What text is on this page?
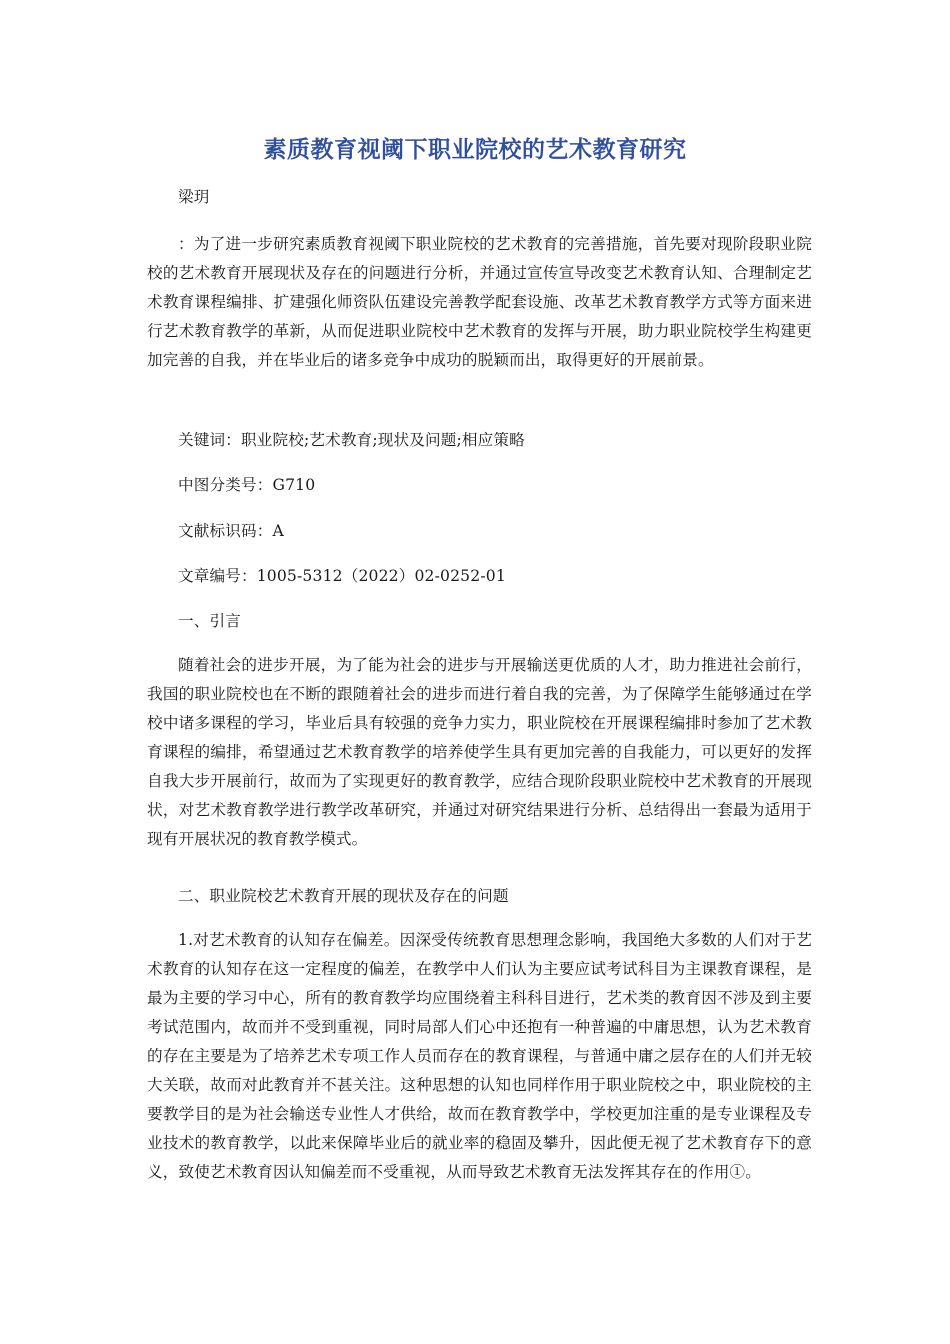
素质教育视阈下职业院校的艺术教育研究
梁玥
：为了进一步研究素质教育视阈下职业院校的艺术教育的完善措施，首先要对现阶段职业院校的艺术教育开展现状及存在的问题进行分析，并通过宣传宣导改变艺术教育认知、合理制定艺术教育课程编排、扩建强化师资队伍建设完善教学配套设施、改革艺术教育教学方式等方面来进行艺术教育教学的革新，从而促进职业院校中艺术教育的发挥与开展，助力职业院校学生构建更加完善的自我，并在毕业后的诸多竞争中成功的脱颖而出，取得更好的开展前景。
关键词：职业院校;艺术教育;现状及问题;相应策略
中图分类号：G710
文献标识码：A
文章编号：1005-5312（2022）02-0252-01
一、引言
随着社会的进步开展，为了能为社会的进步与开展输送更优质的人才，助力推进社会前行，我国的职业院校也在不断的跟随着社会的进步而进行着自我的完善，为了保障学生能够通过在学校中诸多课程的学习，毕业后具有较强的竞争力实力，职业院校在开展课程编排时参加了艺术教育课程的编排，希望通过艺术教育教学的培养使学生具有更加完善的自我能力，可以更好的发挥自我大步开展前行，故而为了实现更好的教育教学，应结合现阶段职业院校中艺术教育的开展现状，对艺术教育教学进行教学改革研究，并通过对研究结果进行分析、总结得出一套最为适用于现有开展状况的教育教学模式。
二、职业院校艺术教育开展的现状及存在的问题
1.对艺术教育的认知存在偏差。因深受传统教育思想理念影响，我国绝大多数的人们对于艺术教育的认知存在这一定程度的偏差，在教学中人们认为主要应试考试科目为主课教育课程，是最为主要的学习中心，所有的教育教学均应围绕着主科科目进行，艺术类的教育因不涉及到主要考试范围内，故而并不受到重视，同时局部人们心中还抱有一种普遍的中庸思想，认为艺术教育的存在主要是为了培养艺术专项工作人员而存在的教育课程，与普通中庸之层存在的人们并无较大关联，故而对此教育并不甚关注。这种思想的认知也同样作用于职业院校之中，职业院校的主要教学目的是为社会输送专业性人才供给，故而在教育教学中，学校更加注重的是专业课程及专业技术的教育教学，以此来保障毕业后的就业率的稳固及攀升，因此便无视了艺术教育存下的意义，致使艺术教育因认知偏差而不受重视，从而导致艺术教育无法发挥其存在的作用①。
